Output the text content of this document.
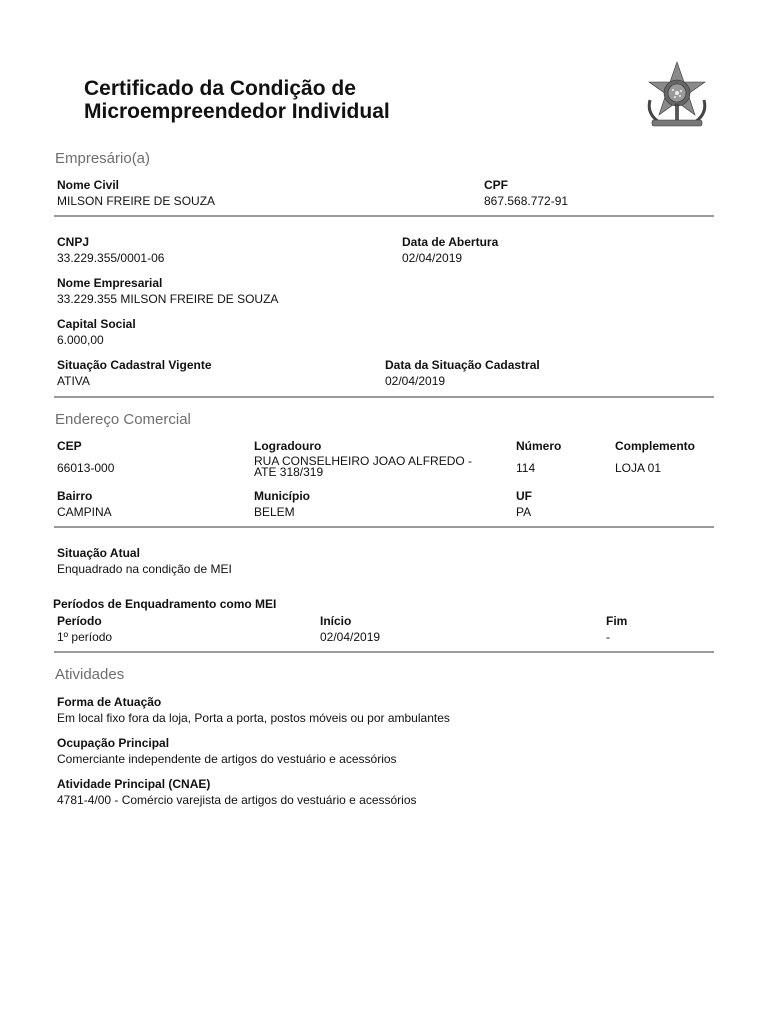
Certificado da Condição de
Microempreendedor Individual
Empresário(a)
Nome Civil
MILSON FREIRE DE SOUZA
CPF
867.568.772-91
CNPJ
33.229.355/0001-06
Data de Abertura
02/04/2019
Nome Empresarial
33.229.355 MILSON FREIRE DE SOUZA
Capital Social
6.000,00
Situação Cadastral Vigente
ATIVA
Data da Situação Cadastral
02/04/2019
Endereço Comercial
CEP
66013-000
Logradouro
RUA CONSELHEIRO JOAO ALFREDO - ATE 318/319
Número
114
Complemento
LOJA 01
Bairro
CAMPINA
Município
BELEM
UF
PA
Situação Atual
Enquadrado na condição de MEI
Períodos de Enquadramento como MEI
Período
1º período
Início
02/04/2019
Fim
-
Atividades
Forma de Atuação
Em local fixo fora da loja, Porta a porta, postos móveis ou por ambulantes
Ocupação Principal
Comerciante independente de artigos do vestuário e acessórios
Atividade Principal (CNAE)
4781-4/00 - Comércio varejista de artigos do vestuário e acessórios
